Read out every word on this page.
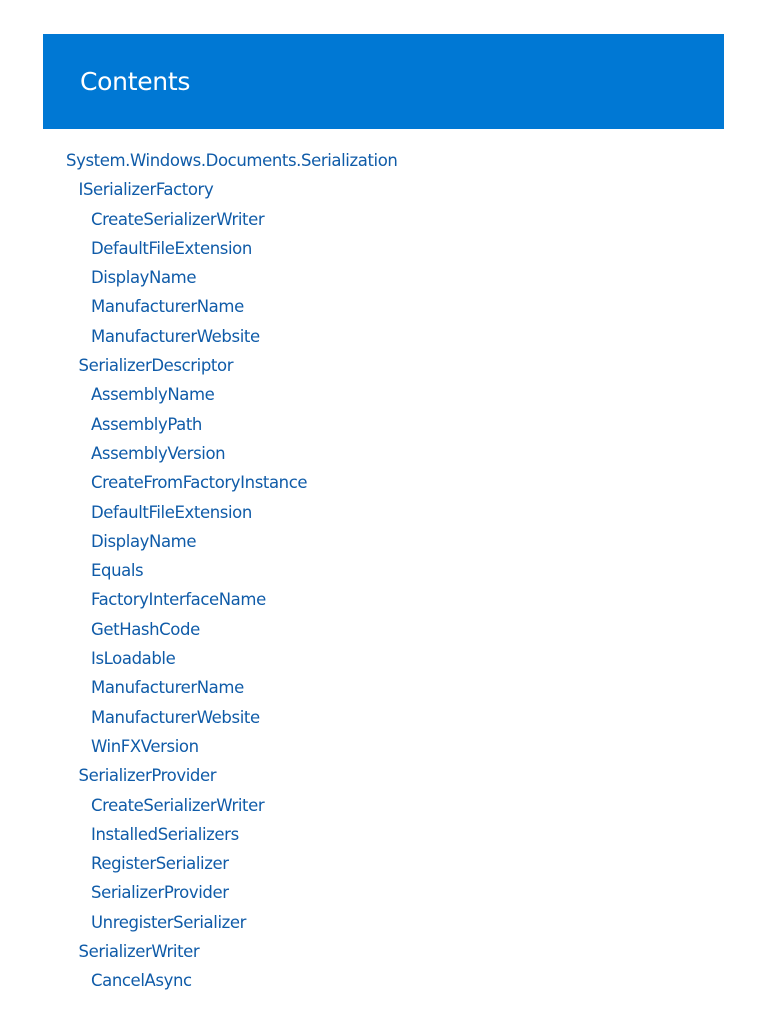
Contents
System.Windows.Documents.Serialization
ISerializerFactory
CreateSerializerWriter
DefaultFileExtension
DisplayName
ManufacturerName
ManufacturerWebsite
SerializerDescriptor
AssemblyName
AssemblyPath
AssemblyVersion
CreateFromFactoryInstance
DefaultFileExtension
DisplayName
Equals
FactoryInterfaceName
GetHashCode
IsLoadable
ManufacturerName
ManufacturerWebsite
WinFXVersion
SerializerProvider
CreateSerializerWriter
InstalledSerializers
RegisterSerializer
SerializerProvider
UnregisterSerializer
SerializerWriter
CancelAsync
